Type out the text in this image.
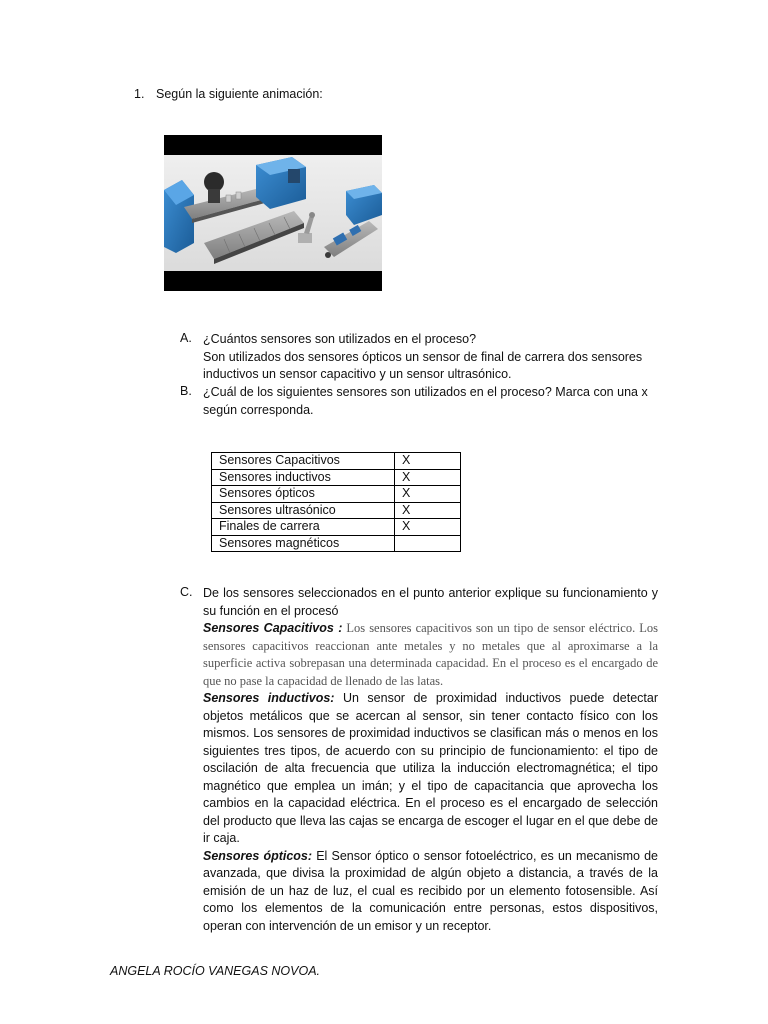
1. Según la siguiente animación:
A. ¿Cuántos sensores son utilizados en el proceso?

Son utilizados dos sensores ópticos un sensor de final de carrera dos sensores inductivos un sensor capacitivo y un sensor ultrasónico.

B. ¿Cuál de los siguientes sensores son utilizados en el proceso? Marca con una x según corresponda.

Sensores Capacitivos	X
Sensores inductivos	X
Sensores ópticos	X
Sensores ultrasónico	X
Finales de carrera	X
Sensores magnéticos	
C. De los sensores seleccionados en el punto anterior explique su funcionamiento y su función en el procesó

Sensores Capacitivos : Los sensores capacitivos son un tipo de sensor eléctrico. Los sensores capacitivos reaccionan ante metales y no metales que al aproximarse a la superficie activa sobrepasan una determinada capacidad. En el proceso es el encargado de que no pase la capacidad de llenado de las latas.

Sensores inductivos: Un sensor de proximidad inductivos puede detectar objetos metálicos que se acercan al sensor, sin tener contacto físico con los mismos. Los sensores de proximidad inductivos se clasifican más o menos en los siguientes tres tipos, de acuerdo con su principio de funcionamiento: el tipo de oscilación de alta frecuencia que utiliza la inducción electromagnética; el tipo magnético que emplea un imán; y el tipo de capacitancia que aprovecha los cambios en la capacidad eléctrica. En el proceso es el encargado de selección del producto que lleva las cajas se encarga de escoger el lugar en el que debe de ir caja.

Sensores ópticos: El Sensor óptico o sensor fotoeléctrico, es un mecanismo de avanzada, que divisa la proximidad de algún objeto a distancia, a través de la emisión de un haz de luz, el cual es recibido por un elemento fotosensible. Así como los elementos de la comunicación entre personas, estos dispositivos, operan con intervención de un emisor y un receptor.

ANGELA ROCÍO VANEGAS NOVOA.
